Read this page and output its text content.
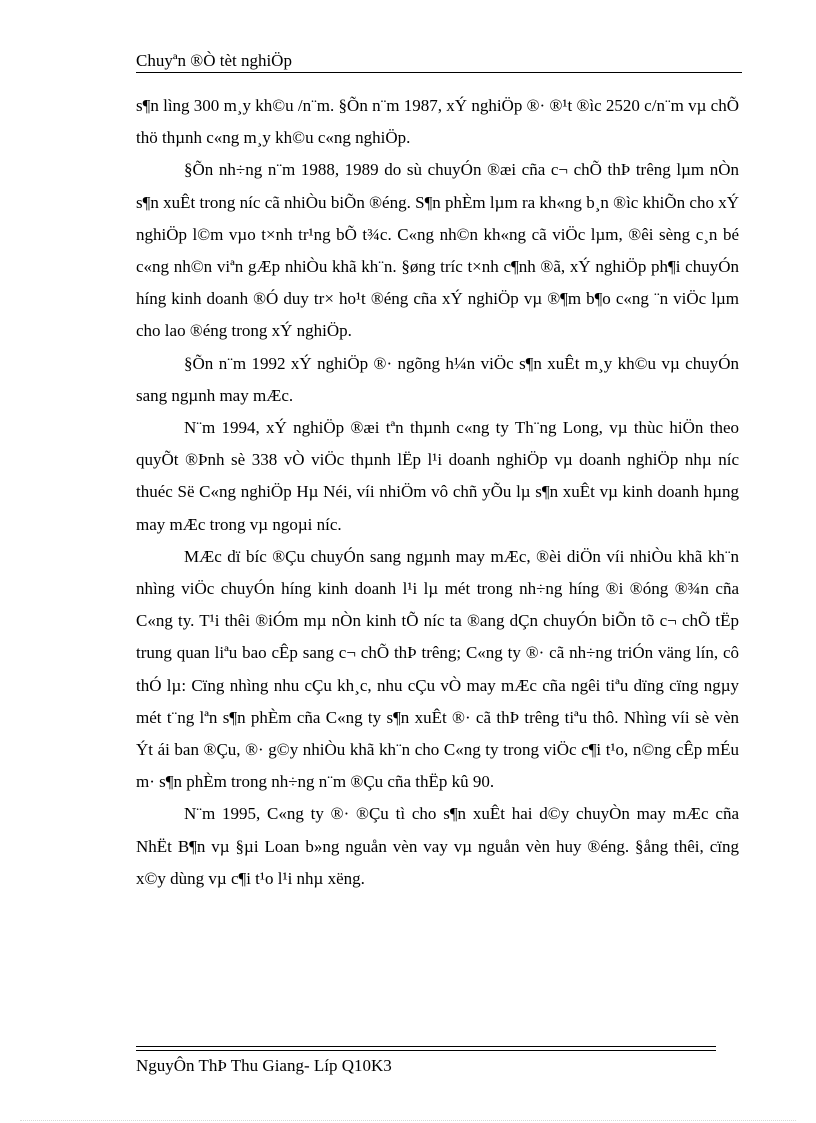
Chuyªn ®Ò tèt nghiÖp

s¶n lìng 300 m¸y kh©u /n¨m. §Õn n¨m 1987, xÝ nghiÖp ®· ®¹t ®ìc 2520 c/n¨m vµ chÕ thö thµnh c«ng m¸y kh©u c«ng nghiÖp.

§Õn nh÷ng n¨m 1988, 1989 do sù chuyÓn ®æi cña c¬ chÕ thÞ trêng lµm nÒn s¶n xuÊt trong níc cã nhiÒu biÕn ®éng. S¶n phÈm lµm ra kh«ng b¸n ®ìc khiÕn cho xÝ nghiÖp l©m vµo t×nh tr¹ng bÕ t¾c. C«ng nh©n kh«ng cã viÖc lµm, ®êi sèng c¸n bé c«ng nh©n viªn gÆp nhiÒu khã kh¨n. §øng tríc t×nh c¶nh ®ã, xÝ nghiÖp ph¶i chuyÓn híng kinh doanh ®Ó duy tr× ho¹t ®éng cña xÝ nghiÖp vµ ®¶m b¶o c«ng ¨n viÖc lµm cho lao ®éng trong xÝ nghiÖp.

§Õn n¨m 1992 xÝ nghiÖp ®· ngõng h¼n viÖc s¶n xuÊt m¸y kh©u vµ chuyÓn sang ngµnh may mÆc.

N¨m 1994, xÝ nghiÖp ®æi tªn thµnh c«ng ty Th¨ng Long, vµ thùc hiÖn theo quyÕt ®Þnh sè 338 vÒ viÖc thµnh lËp l¹i doanh nghiÖp vµ doanh nghiÖp nhµ níc thuéc Së C«ng nghiÖp Hµ Néi, víi nhiÖm vô chñ yÕu lµ s¶n xuÊt vµ kinh doanh hµng may mÆc trong vµ ngoµi níc.

MÆc dï bíc ®Çu chuyÓn sang ngµnh may mÆc, ®èi diÖn víi nhiÒu khã kh¨n nhìng viÖc chuyÓn híng kinh doanh l¹i lµ mét trong nh÷ng híng ®i ®óng ®¾n cña C«ng ty. T¹i thêi ®iÓm mµ nÒn kinh tÕ níc ta ®ang dÇn chuyÓn biÕn tõ c¬ chÕ tËp trung quan liªu bao cÊp sang c¬ chÕ thÞ trêng; C«ng ty ®· cã nh÷ng triÓn väng lín, cô thÓ lµ: Cïng nhìng nhu cÇu kh¸c, nhu cÇu vÒ may mÆc cña ngêi tiªu dïng cïng ngµy mét t¨ng lªn s¶n phÈm cña C«ng ty s¶n xuÊt ®· cã thÞ trêng tiªu thô. Nhìng víi sè vèn Ýt ái ban ®Çu, ®· g©y nhiÒu khã kh¨n cho C«ng ty trong viÖc c¶i t¹o, n©ng cÊp mÉu m· s¶n phÈm trong nh÷ng n¨m ®Çu cña thËp kû 90.

N¨m 1995, C«ng ty ®· ®Çu tì cho s¶n xuÊt hai d©y chuyÒn may mÆc cña NhËt B¶n vµ §µi Loan b»ng nguån vèn vay vµ nguån vèn huy ®éng. §ång thêi, cïng x©y dùng vµ c¶i t¹o l¹i nhµ xëng.

NguyÔn ThÞ Thu Giang- Líp Q10K3
